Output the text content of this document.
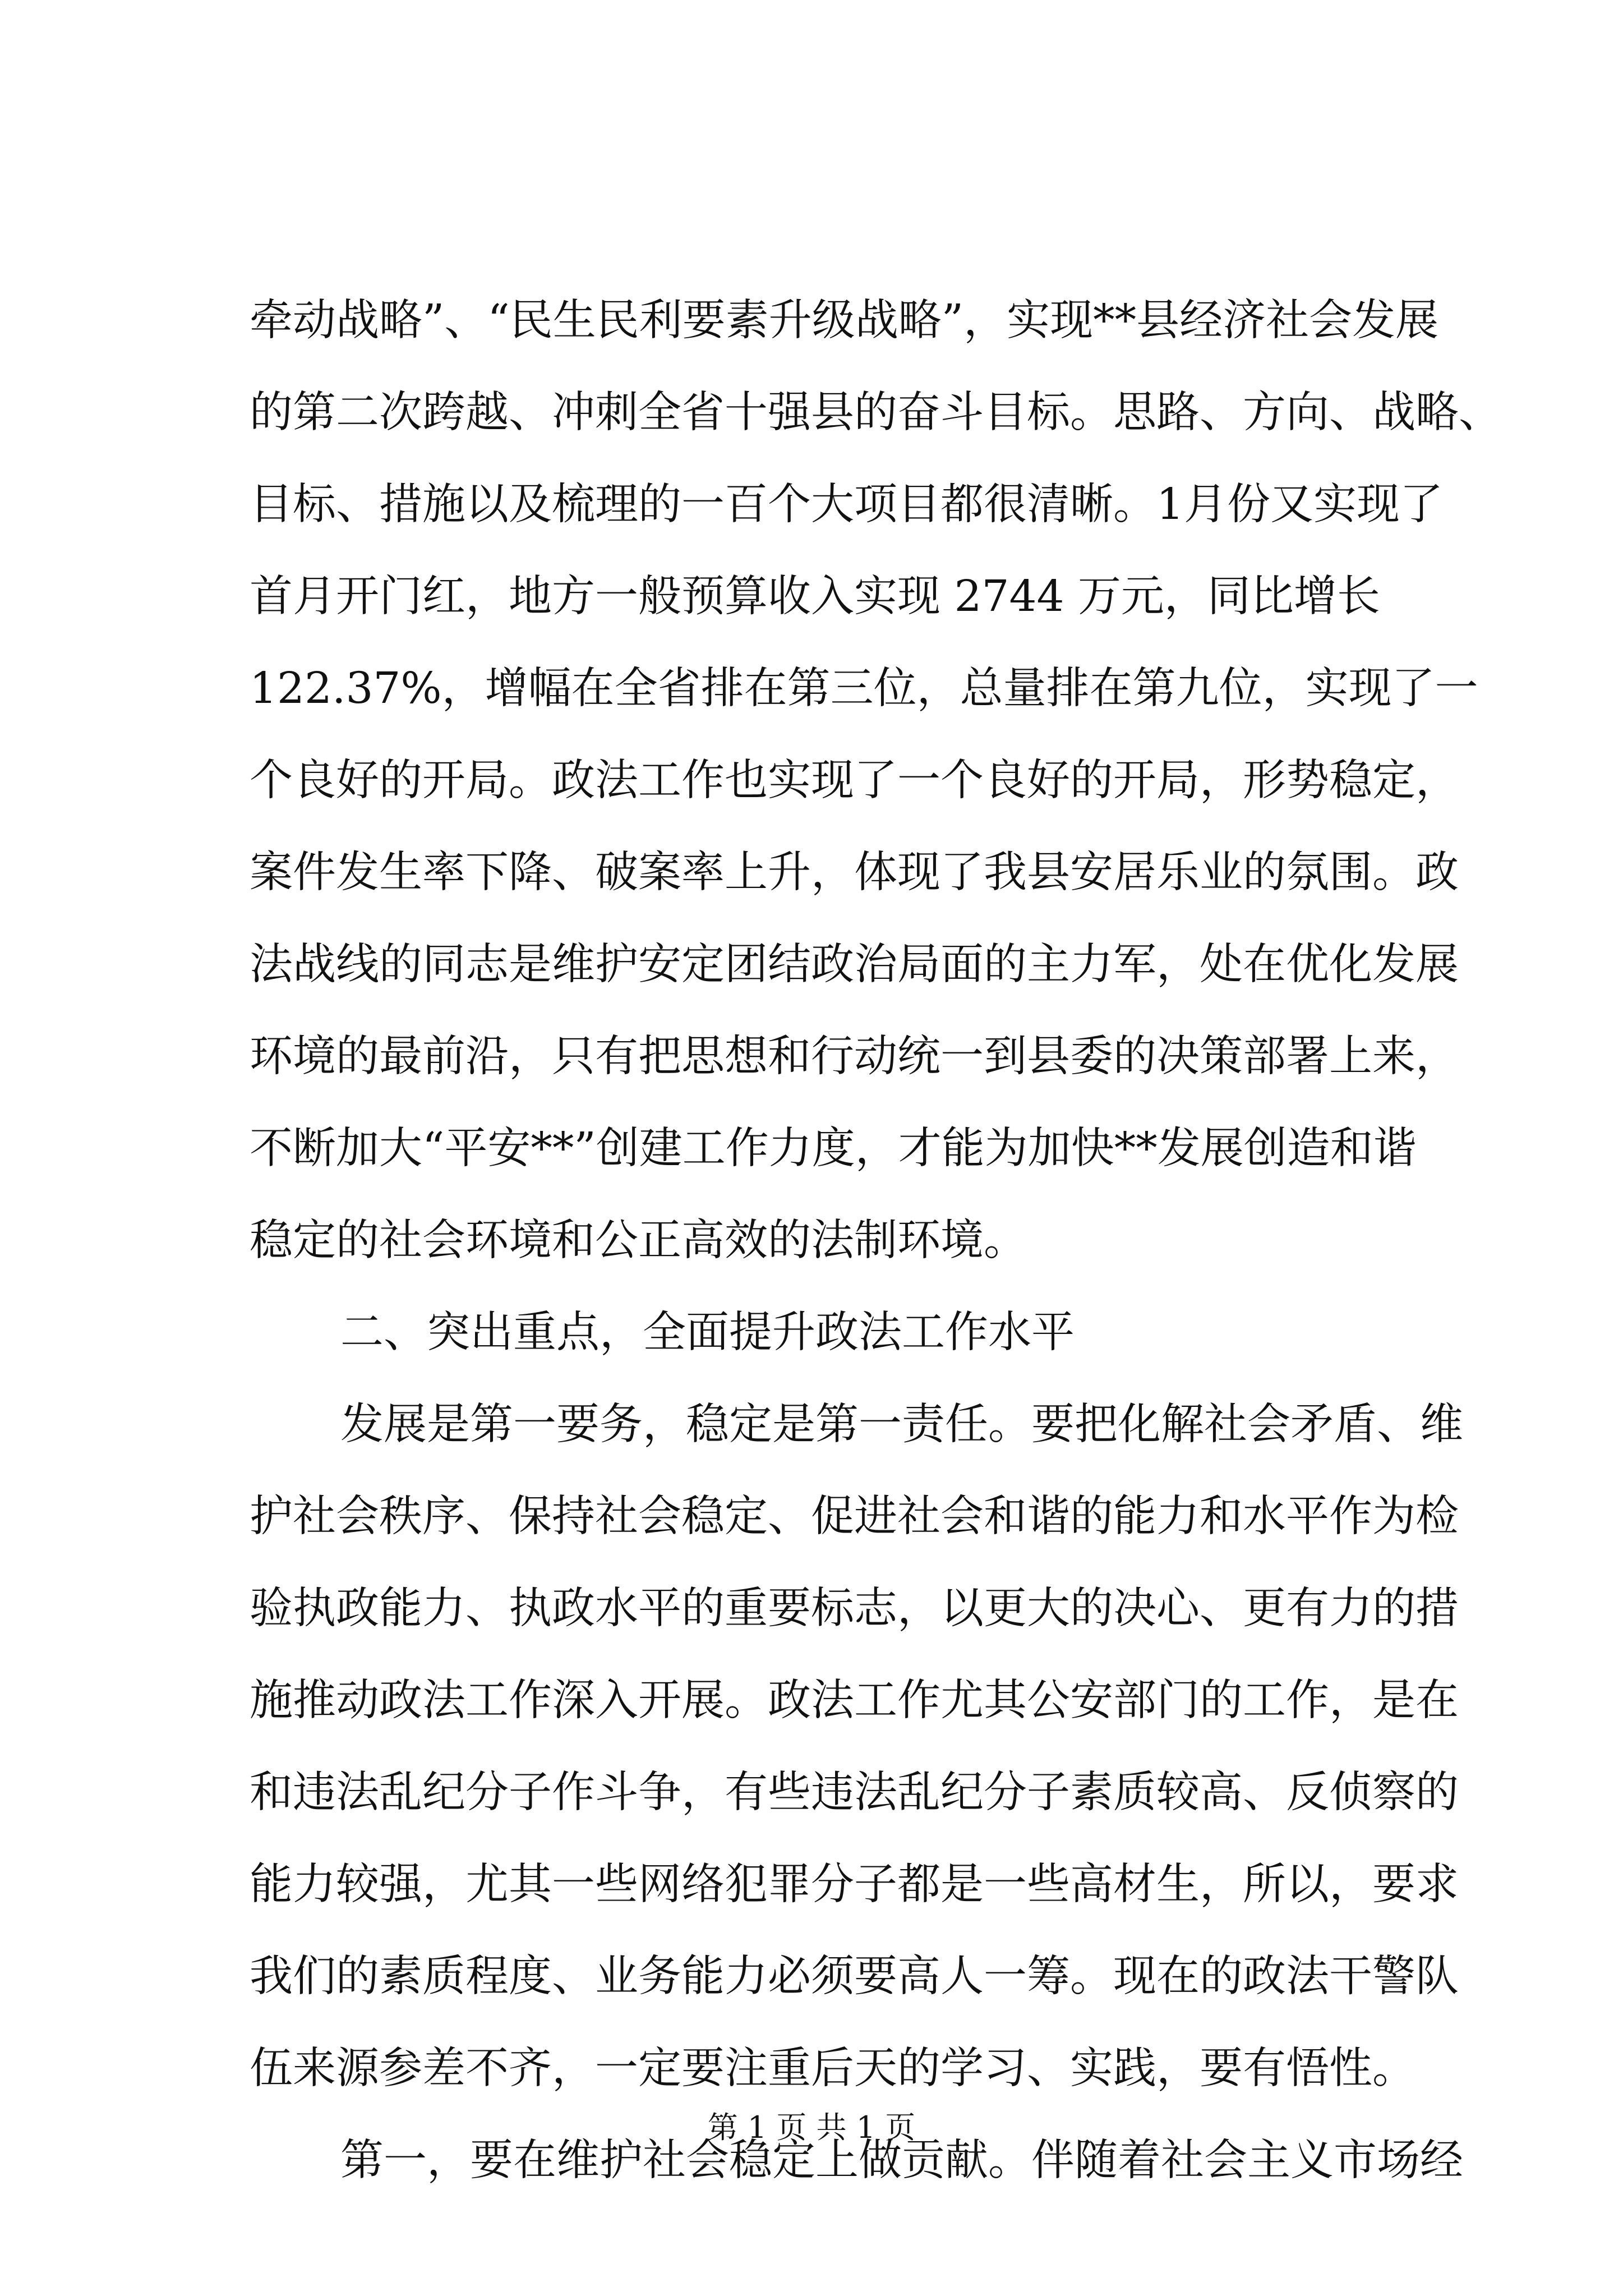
牵动战略”、“民生民利要素升级战略”，实现**县经济社会发展
的第二次跨越、冲刺全省十强县的奋斗目标。思路、方向、战略、
目标、措施以及梳理的一百个大项目都很清晰。1月份又实现了
首月开门红，地方一般预算收入实现 2744 万元，同比增长
122.37%，增幅在全省排在第三位，总量排在第九位，实现了一
个良好的开局。政法工作也实现了一个良好的开局，形势稳定，
案件发生率下降、破案率上升，体现了我县安居乐业的氛围。政
法战线的同志是维护安定团结政治局面的主力军，处在优化发展
环境的最前沿，只有把思想和行动统一到县委的决策部署上来，
不断加大“平安**”创建工作力度，才能为加快**发展创造和谐
稳定的社会环境和公正高效的法制环境。
二、突出重点，全面提升政法工作水平
发展是第一要务，稳定是第一责任。要把化解社会矛盾、维
护社会秩序、保持社会稳定、促进社会和谐的能力和水平作为检
验执政能力、执政水平的重要标志，以更大的决心、更有力的措
施推动政法工作深入开展。政法工作尤其公安部门的工作，是在
和违法乱纪分子作斗争，有些违法乱纪分子素质较高、反侦察的
能力较强，尤其一些网络犯罪分子都是一些高材生，所以，要求
我们的素质程度、业务能力必须要高人一筹。现在的政法干警队
伍来源参差不齐，一定要注重后天的学习、实践，要有悟性。
第一，要在维护社会稳定上做贡献。伴随着社会主义市场经
第 1 页 共 1 页
